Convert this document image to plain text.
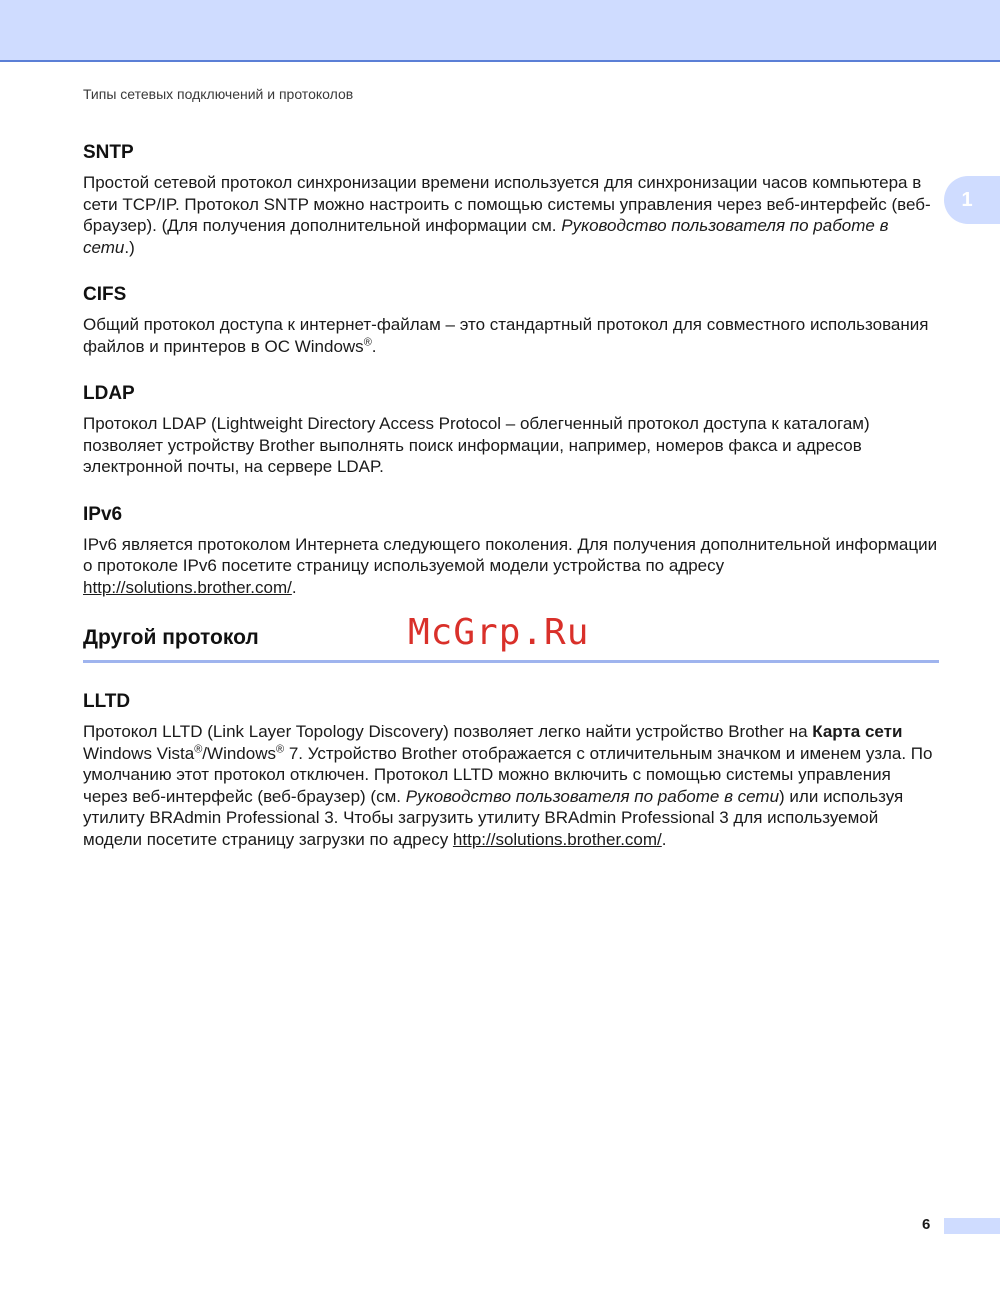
Типы сетевых подключений и протоколов
1
SNTP

Простой сетевой протокол синхронизации времени используется для синхронизации часов компьютера в сети TCP/IP. Протокол SNTP можно настроить с помощью системы управления через веб-интерфейс (веб-браузер). (Для получения дополнительной информации см. Руководство пользователя по работе в сети.)

CIFS

Общий протокол доступа к интернет-файлам – это стандартный протокол для совместного использования файлов и принтеров в ОС Windows®.

LDAP

Протокол LDAP (Lightweight Directory Access Protocol – облегченный протокол доступа к каталогам) позволяет устройству Brother выполнять поиск информации, например, номеров факса и адресов электронной почты, на сервере LDAP.

IPv6

IPv6 является протоколом Интернета следующего поколения. Для получения дополнительной информации о протоколе IPv6 посетите страницу используемой модели устройства по адресу http://solutions.brother.com/.

Другой протокол	McGrp.Ru
LLTD

Протокол LLTD (Link Layer Topology Discovery) позволяет легко найти устройство Brother на Карта сети Windows Vista®/Windows® 7. Устройство Brother отображается с отличительным значком и именем узла. По умолчанию этот протокол отключен. Протокол LLTD можно включить с помощью системы управления через веб-интерфейс (веб-браузер) (см. Руководство пользователя по работе в сети) или используя утилиту BRAdmin Professional 3. Чтобы загрузить утилиту BRAdmin Professional 3 для используемой модели посетите страницу загрузки по адресу http://solutions.brother.com/.

6
